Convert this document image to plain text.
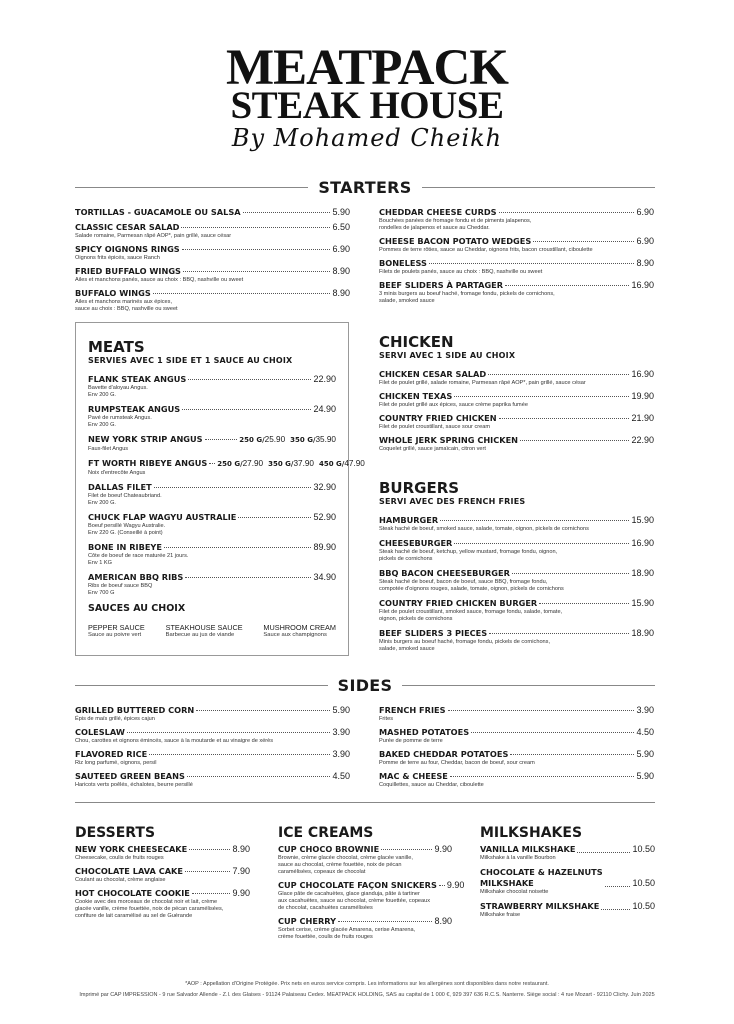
MEATPACK
STEAK HOUSE
By Mohamed Cheikh
STARTERS
TORTILLAS - GUACAMOLE OU SALSA	5.90
CLASSIC CESAR SALAD	6.50
Salade romaine, Parmesan râpé AOP*, pain grillé, sauce césar
SPICY OIGNONS RINGS	6.90
Oignons frits épicés, sauce Ranch
FRIED BUFFALO WINGS	8.90
Ailes et manchons panés, sauce au choix : BBQ, nashville ou sweet
BUFFALO WINGS	8.90
Ailes et manchons marinés aux épices,
sauce au choix : BBQ, nashville ou sweet
CHEDDAR CHEESE CURDS	6.90
Bouchées panées de fromage fondu et de piments jalapenos,
rondelles de jalapenos et sauce au Cheddar.
CHEESE BACON POTATO WEDGES	6.90
Pommes de terre rôties, sauce au Cheddar, oignons frits, bacon croustillant, ciboulette
BONELESS	8.90
Filets de poulets panés, sauce au choix : BBQ, nashville ou sweet
BEEF SLIDERS À PARTAGER	16.90
3 minis burgers au boeuf haché, fromage fondu, pickels de cornichons,
salade, smoked sauce
MEATS
SERVIES AVEC 1 SIDE ET 1 SAUCE AU CHOIX
FLANK STEAK ANGUS	22.90
Bavette d'aloyau Angus.
Env 200 G.
RUMPSTEAK ANGUS	24.90
Pavé de rumsteak Angus.
Env 200 G.
NEW YORK STRIP ANGUS	250 G / 25.90 350 G / 35.90
Faux-filet Angus
FT WORTH RIBEYE ANGUS 250 G / 27.90 350 G / 37.90 450 G / 47.90
Noix d'entrecôte Angus
DALLAS FILET	32.90
Filet de boeuf Chateaubriand.
Env 200 G.
CHUCK FLAP WAGYU AUSTRALIE	52.90
Boeuf persillé Wagyu Australie.
Env 220 G. (Conseillé à point)
BONE IN RIBEYE	89.90
Côte de boeuf de race maturée 21 jours.
Env 1 KG
AMERICAN BBQ RIBS	34.90
Ribs de boeuf sauce BBQ
Env 700 G
SAUCES AU CHOIX
PEPPER SAUCE
Sauce au poivre vert
STEAKHOUSE SAUCE
Barbecue au jus de viande
MUSHROOM CREAM
Sauce aux champignons
CHICKEN
SERVI AVEC 1 SIDE AU CHOIX
CHICKEN CESAR SALAD	16.90
Filet de poulet grillé, salade romaine, Parmesan râpé AOP*, pain grillé, sauce césar
CHICKEN TEXAS	19.90
Filet de poulet grillé aux épices, sauce crème paprika fumée
COUNTRY FRIED CHICKEN	21.90
Filet de poulet croustillant, sauce sour cream
WHOLE JERK SPRING CHICKEN	22.90
Coquelet grillé, sauce jamaïcain, citron vert
BURGERS
SERVI AVEC DES FRENCH FRIES
HAMBURGER	15.90
Steak haché de boeuf, smoked sauce, salade, tomate, oignon, pickels de cornichons
CHEESEBURGER	16.90
Steak haché de boeuf, ketchup, yellow mustard, fromage fondu, oignon,
pickels de cornichons
BBQ BACON CHEESEBURGER	18.90
Steak haché de boeuf, bacon de boeuf, sauce BBQ, fromage fondu,
compotée d'oignons rouges, salade, tomate, oignon, pickels de cornichons
COUNTRY FRIED CHICKEN BURGER	15.90
Filet de poulet croustillant, smoked sauce, fromage fondu, salade, tomate,
oignon, pickels de cornichons
BEEF SLIDERS 3 PIECES	18.90
Minis burgers au boeuf haché, fromage fondu, pickels de cornichons,
salade, smoked sauce
SIDES
GRILLED BUTTERED CORN	5.90
Épis de maïs grillé, épices cajun
COLESLAW	3.90
Chou, carottes et oignons émincés, sauce à la moutarde et au vinaigre de xérès
FLAVORED RICE	3.90
Riz long parfumé, oignons, persil
SAUTEED GREEN BEANS	4.50
Haricots verts poêlés, échalotes, beurre persillé
FRENCH FRIES	3.90
Frites
MASHED POTATOES	4.50
Purée de pomme de terre
BAKED CHEDDAR POTATOES	5.90
Pomme de terre au four, Cheddar, bacon de boeuf, sour cream
MAC & CHEESE	5.90
Coquillettes, sauce au Cheddar, ciboulette
DESSERTS
NEW YORK CHEESECAKE	8.90
Cheesecake, coulis de fruits rouges
CHOCOLATE LAVA CAKE	7.90
Coulant au chocolat, crème anglaise
HOT CHOCOLATE COOKIE	9.90
Cookie avec des morceaux de chocolat noir et lait, crème
glacée vanille, crème fouettée, noix de pécan caramélisées,
confiture de lait caramélisé au sel de Guérande
ICE CREAMS
CUP CHOCO BROWNIE	9.90
Brownie, crème glacée chocolat, crème glacée vanille,
sauce au chocolat, crème fouettée, noix de pécan
caramélisées, copeaux de chocolat
CUP CHOCOLATE FAÇON SNICKERS 9.90
Glace pâte de cacahuètes, glace gianduja, pâte à tartiner
aux cacahuètes, sauce au chocolat, crème fouettée, copeaux
de chocolat, cacahuètes caramélisées
CUP CHERRY	8.90
Sorbet cerise, crème glacée Amarena, cerise Amarena,
crème fouettée, coulis de fruits rouges
MILKSHAKES
VANILLA MILKSHAKE	10.50
Milkshake à la vanille Bourbon
CHOCOLATE & HAZELNUTS
MILKSHAKE	10.50
Milkshake chocolat noisette
STRAWBERRY MILKSHAKE	10.50
Milkshake fraise
*AOP : Appellation d'Origine Protégée. Prix nets en euros service compris. Les informations sur les allergènes sont disponibles dans notre restaurant.
Imprimé par CAP IMPRESSION - 9 rue Salvador Allende - Z.I. des Glaises - 91124 Palaiseau Cedex. MEATPACK HOLDING, SAS au capital de 1 000 €, 929 397 636 R.C.S. Nanterre. Siège social : 4 rue Mozart - 92110 Clichy. Juin 2025
